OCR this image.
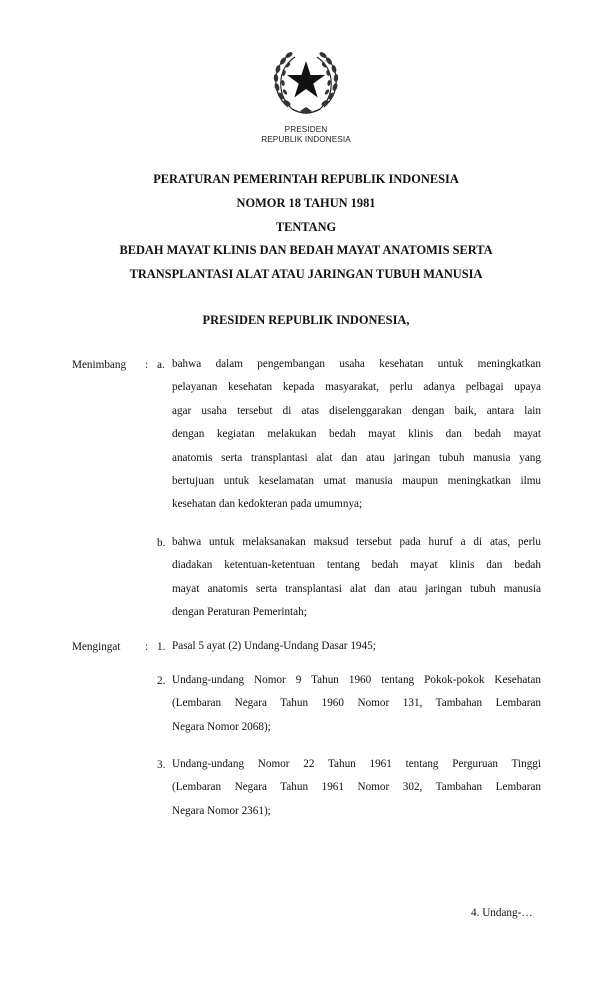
PRESIDEN
REPUBLIK INDONESIA
PERATURAN PEMERINTAH REPUBLIK INDONESIA
NOMOR 18 TAHUN 1981
TENTANG
BEDAH MAYAT KLINIS DAN BEDAH MAYAT ANATOMIS SERTA
TRANSPLANTASI ALAT ATAU JARINGAN TUBUH MANUSIA
PRESIDEN REPUBLIK INDONESIA,
Menimbang : a. bahwa dalam pengembangan usaha kesehatan untuk meningkatkan
pelayanan kesehatan kepada masyarakat, perlu adanya pelbagai upaya
agar usaha tersebut di atas diselenggarakan dengan baik, antara lain
dengan kegiatan melakukan bedah mayat klinis dan bedah mayat
anatomis serta transplantasi alat dan atau jaringan tubuh manusia yang
bertujuan untuk keselamatan umat manusia maupun meningkatkan ilmu
kesehatan dan kedokteran pada umumnya;
b. bahwa untuk melaksanakan maksud tersebut pada huruf a di atas, perlu
diadakan ketentuan-ketentuan tentang bedah mayat klinis dan bedah
mayat anatomis serta transplantasi alat dan atau jaringan tubuh manusia
dengan Peraturan Pemerintah;
Mengingat : 1. Pasal 5 ayat (2) Undang-Undang Dasar 1945;
2. Undang-undang Nomor 9 Tahun 1960 tentang Pokok-pokok Kesehatan
(Lembaran Negara Tahun 1960 Nomor 131, Tambahan Lembaran
Negara Nomor 2068);
3. Undang-undang Nomor 22 Tahun 1961 tentang Perguruan Tinggi
(Lembaran Negara Tahun 1961 Nomor 302, Tambahan Lembaran
Negara Nomor 2361);
4. Undang-…
